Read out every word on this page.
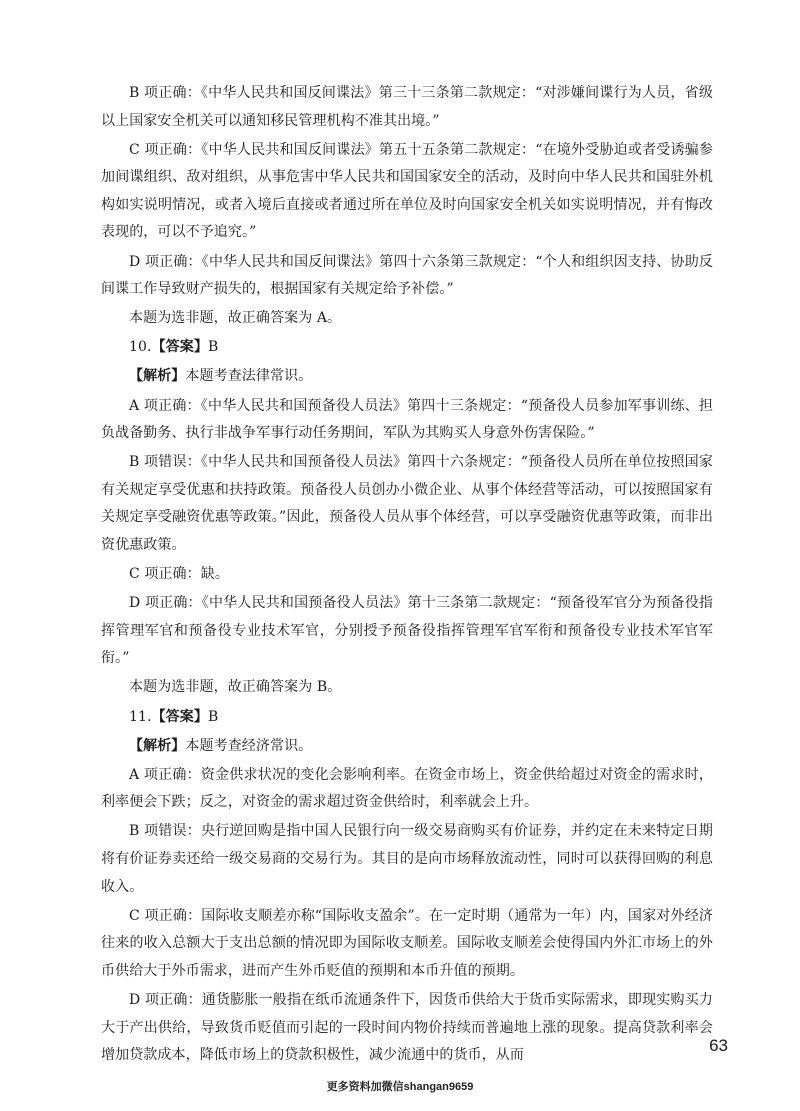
B 项正确：《中华人民共和国反间谍法》第三十三条第二款规定：“对涉嫌间谍行为人员，省级以上国家安全机关可以通知移民管理机构不准其出境。”

C 项正确：《中华人民共和国反间谍法》第五十五条第二款规定：“在境外受胁迫或者受诱骗参加间谍组织、敌对组织，从事危害中华人民共和国国家安全的活动，及时向中华人民共和国驻外机构如实说明情况，或者入境后直接或者通过所在单位及时向国家安全机关如实说明情况，并有悔改表现的，可以不予追究。”

D 项正确：《中华人民共和国反间谍法》第四十六条第三款规定：“个人和组织因支持、协助反间谍工作导致财产损失的，根据国家有关规定给予补偿。”

本题为选非题，故正确答案为 A。

10.【答案】B

【解析】本题考查法律常识。

A 项正确：《中华人民共和国预备役人员法》第四十三条规定：“预备役人员参加军事训练、担负战备勤务、执行非战争军事行动任务期间，军队为其购买人身意外伤害保险。”

B 项错误：《中华人民共和国预备役人员法》第四十六条规定：“预备役人员所在单位按照国家有关规定享受优惠和扶持政策。预备役人员创办小微企业、从事个体经营等活动，可以按照国家有关规定享受融资优惠等政策。”因此，预备役人员从事个体经营，可以享受融资优惠等政策，而非出资优惠政策。

C 项正确：缺。

D 项正确：《中华人民共和国预备役人员法》第十三条第二款规定：“预备役军官分为预备役指挥管理军官和预备役专业技术军官，分别授予预备役指挥管理军官军衔和预备役专业技术军官军衔。”

本题为选非题，故正确答案为 B。

11.【答案】B

【解析】本题考查经济常识。

A 项正确：资金供求状况的变化会影响利率。在资金市场上，资金供给超过对资金的需求时，利率便会下跌；反之，对资金的需求超过资金供给时，利率就会上升。

B 项错误：央行逆回购是指中国人民银行向一级交易商购买有价证券，并约定在未来特定日期将有价证券卖还给一级交易商的交易行为。其目的是向市场释放流动性，同时可以获得回购的利息收入。

C 项正确：国际收支顺差亦称“国际收支盈余”。在一定时期（通常为一年）内，国家对外经济往来的收入总额大于支出总额的情况即为国际收支顺差。国际收支顺差会使得国内外汇市场上的外币供给大于外币需求，进而产生外币贬值的预期和本币升值的预期。

D 项正确：通货膨胀一般指在纸币流通条件下，因货币供给大于货币实际需求，即现实购买力大于产出供给，导致货币贬值而引起的一段时间内物价持续而普遍地上涨的现象。提高贷款利率会增加贷款成本，降低市场上的贷款积极性，减少流通中的货币，从而

63
更多资料加微信shangan9659
